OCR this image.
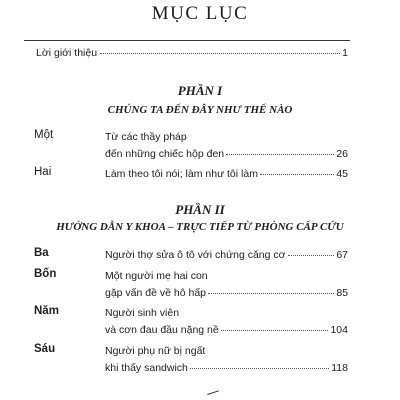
MỤC LỤC
Lời giới thiệu	1
PHẦN I
CHÚNG TA ĐẾN ĐÂY NHƯ THẾ NÀO
Một	Từ các thầy pháp
đến những chiếc hộp đen	26
Hai	Làm theo tôi nói; làm như tôi làm	45
PHẦN II
HƯỚNG DẪN Y KHOA – TRỰC TIẾP TỪ PHÒNG CẤP CỨU
Ba	Người thợ sửa ô tô với chứng căng cơ	67
Bốn	Một người mẹ hai con
gặp vấn đề về hô hấp	85
Năm	Người sinh viên
và cơn đau đầu nặng nề	104
Sáu	Người phụ nữ bị ngất
khi thấy sandwich	118
